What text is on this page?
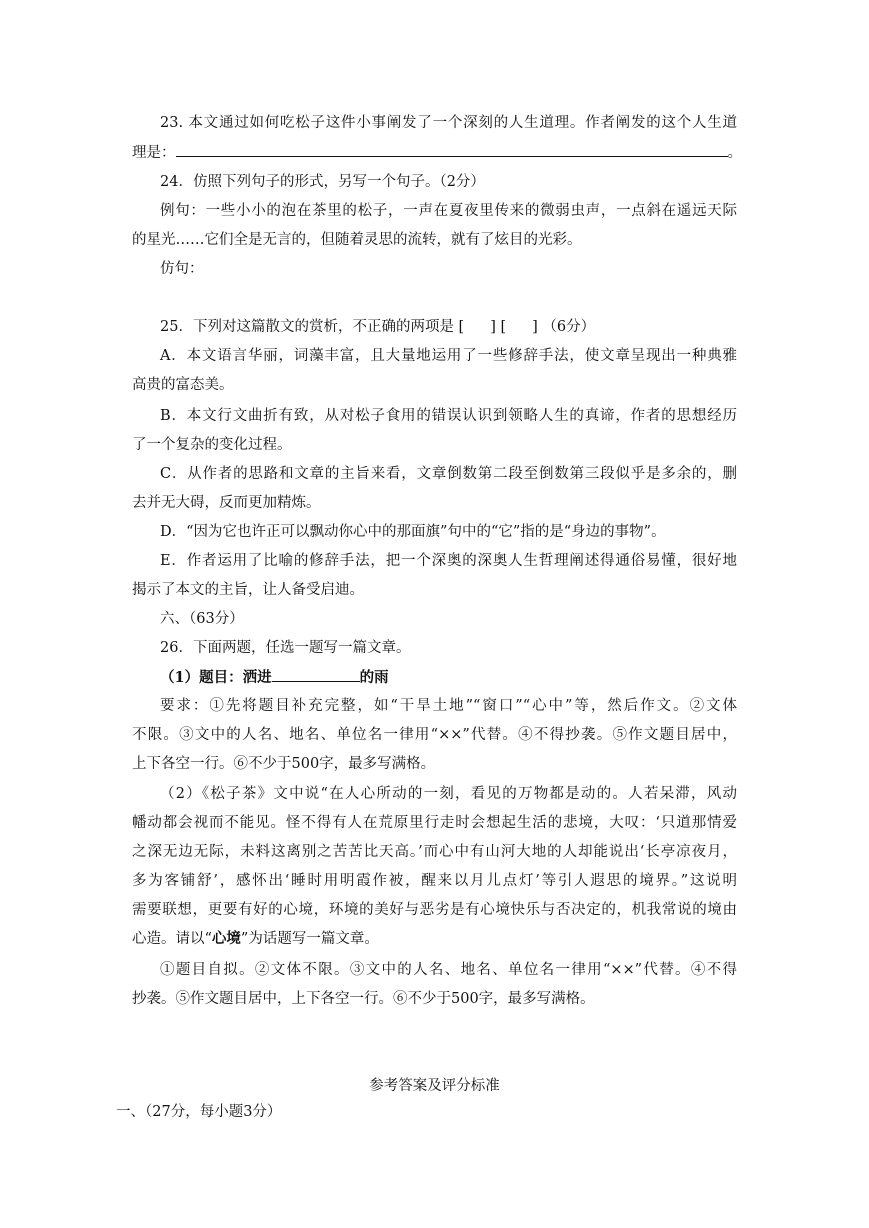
23. 本文通过如何吃松子这件小事阐发了一个深刻的人生道理。作者阐发的这个人生道
理是：	。
24．仿照下列句子的形式，另写一个句子。（2分）
例句：一些小小的泡在茶里的松子，一声在夏夜里传来的微弱虫声，一点斜在遥远天际
的星光……它们全是无言的，但随着灵思的流转，就有了炫目的光彩。
仿句：
25．下列对这篇散文的赏析，不正确的两项是 [ ] [ ] （6分）
A．本文语言华丽，词藻丰富，且大量地运用了一些修辞手法，使文章呈现出一种典雅
高贵的富态美。
B．本文行文曲折有致，从对松子食用的错误认识到领略人生的真谛，作者的思想经历
了一个复杂的变化过程。
C．从作者的思路和文章的主旨来看，文章倒数第二段至倒数第三段似乎是多余的，删
去并无大碍，反而更加精炼。
D．“因为它也许正可以飘动你心中的那面旗”句中的“它”指的是“身边的事物”。
E．作者运用了比喻的修辞手法，把一个深奥的深奥人生哲理阐述得通俗易懂，很好地
揭示了本文的主旨，让人备受启迪。
六、（63分）
26．下面两题，任选一题写一篇文章。
（1）题目：洒进	的雨
要求：①先将题目补充完整，如“干旱土地”“窗口”“心中”等，然后作文。②文体
不限。③文中的人名、地名、单位名一律用“××”代替。④不得抄袭。⑤作文题目居中，
上下各空一行。⑥不少于500字，最多写满格。
（2）《松子茶》文中说“在人心所动的一刻，看见的万物都是动的。人若呆滞，风动
幡动都会视而不能见。怪不得有人在荒原里行走时会想起生活的悲境，大叹：‘只道那情爱
之深无边无际，未料这离别之苦苦比天高。’而心中有山河大地的人却能说出‘长亭凉夜月，
多为客铺舒’，感怀出‘睡时用明霞作被，醒来以月儿点灯’等引人遐思的境界。”这说明
需要联想，更要有好的心境，环境的美好与恶劣是有心境快乐与否决定的，机我常说的境由
心造。请以“心境”为话题写一篇文章。
①题目自拟。②文体不限。③文中的人名、地名、单位名一律用“××”代替。④不得
抄袭。⑤作文题目居中，上下各空一行。⑥不少于500字，最多写满格。
参考答案及评分标准
一、（27分，每小题3分）
